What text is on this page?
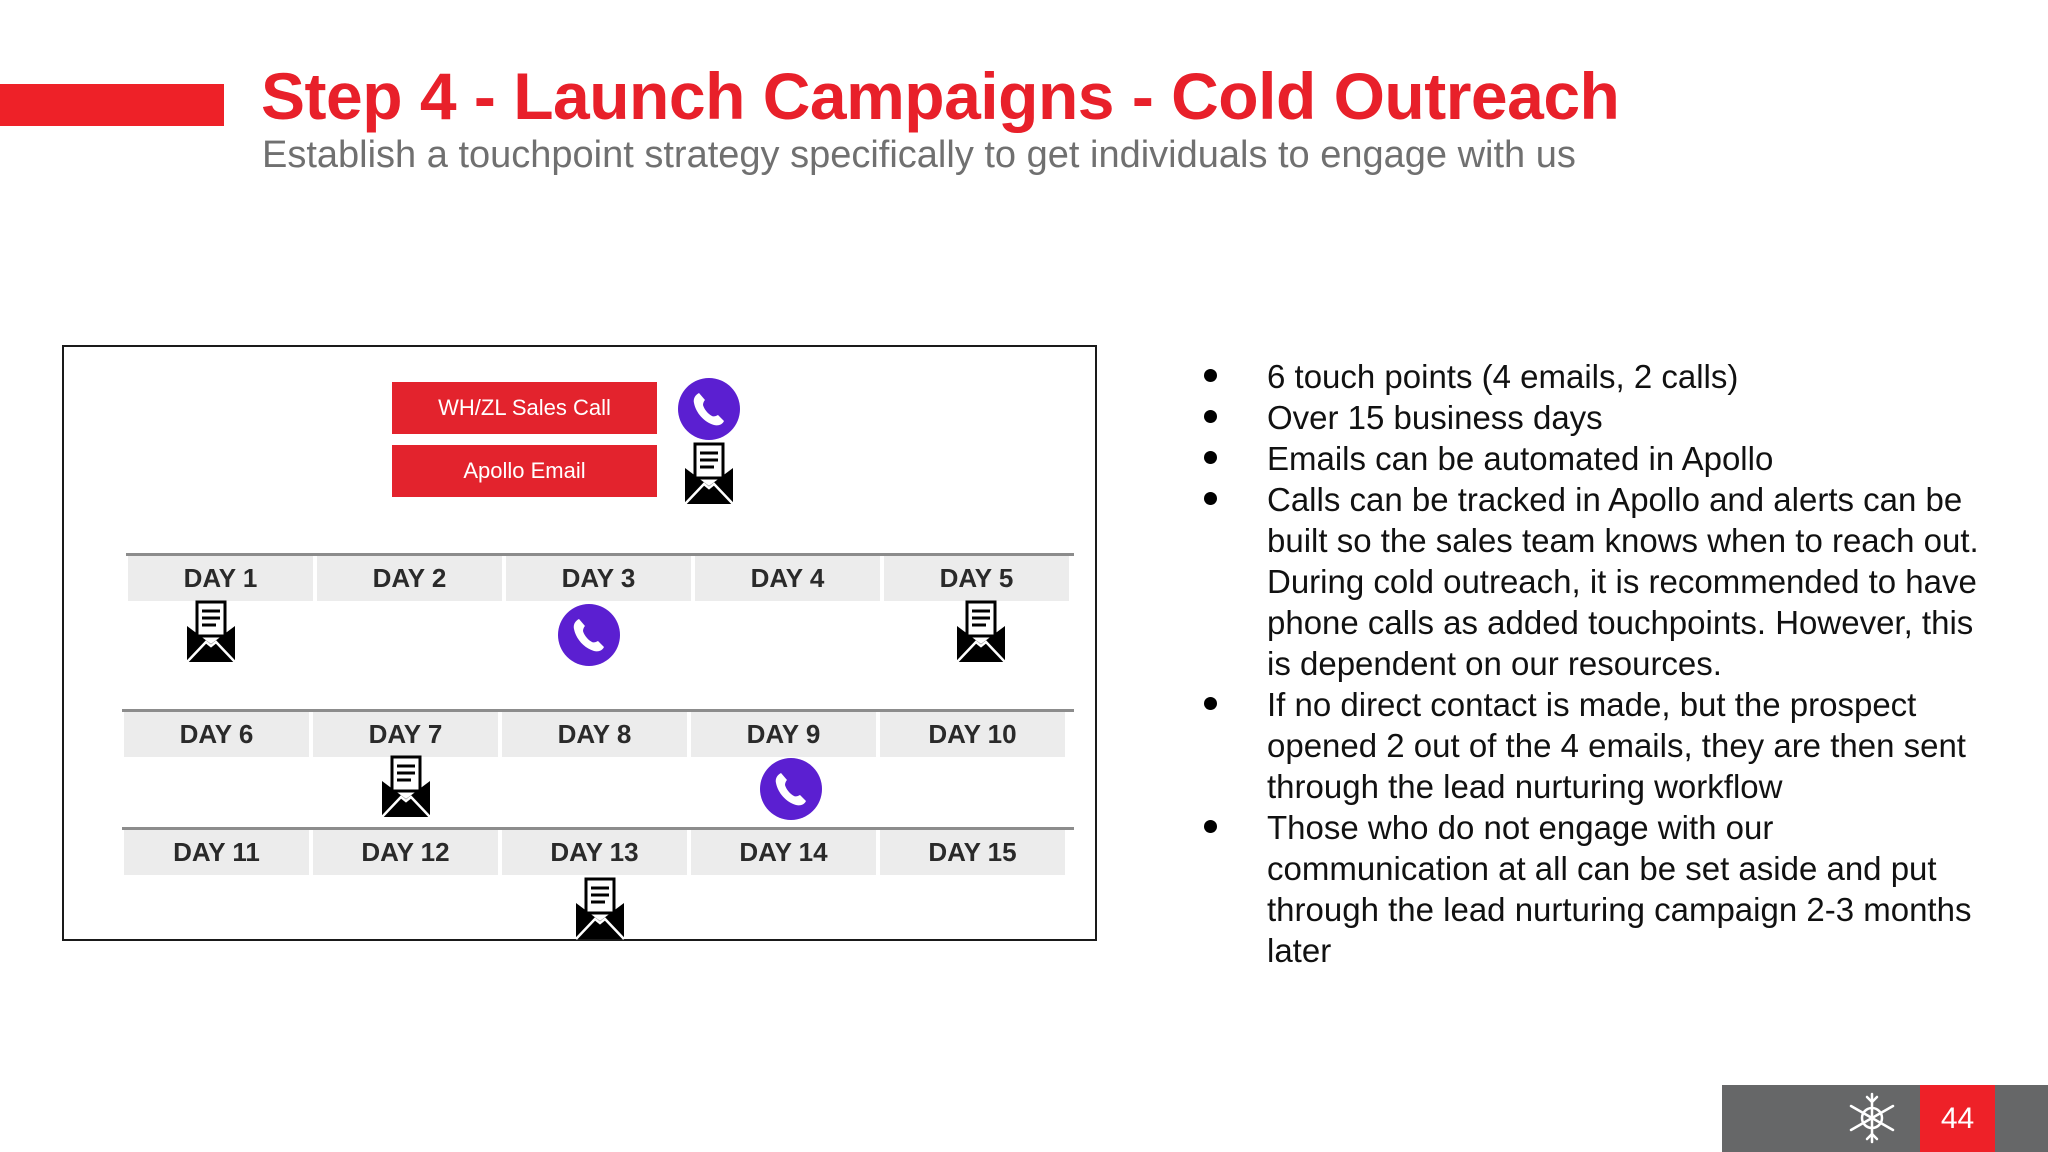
Step 4 - Launch Campaigns - Cold Outreach

Establish a touchpoint strategy specifically to get individuals to engage with us

WH/ZL Sales Call
Apollo Email
DAY 1	DAY 2	DAY 3	DAY 4	DAY 5
DAY 6	DAY 7	DAY 8	DAY 9	DAY 10
DAY 11	DAY 12	DAY 13	DAY 14	DAY 15
6 touch points (4 emails, 2 calls)
Over 15 business days
Emails can be automated in Apollo
Calls can be tracked in Apollo and alerts can be built so the sales team knows when to reach out. During cold outreach, it is recommended to have phone calls as added touchpoints. However, this is dependent on our resources.
If no direct contact is made, but the prospect opened 2 out of the 4 emails, they are then sent through the lead nurturing workflow
Those who do not engage with our communication at all can be set aside and put through the lead nurturing campaign 2-3 months later
44
